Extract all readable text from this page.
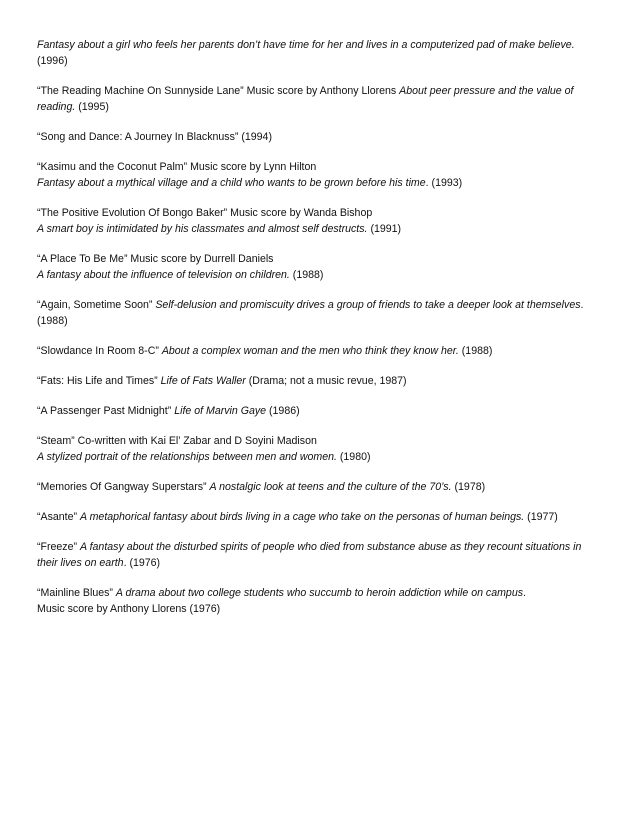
Fantasy about a girl who feels her parents don’t have time for her and lives in a computerized pad of make believe. (1996)
“The Reading Machine On Sunnyside Lane” Music score by Anthony Llorens About peer pressure and the value of reading. (1995)
“Song and Dance: A Journey In Blacknuss” (1994)
“Kasimu and the Coconut Palm” Music score by Lynn Hilton
Fantasy about a mythical village and a child who wants to be grown before his time. (1993)
“The Positive Evolution Of Bongo Baker” Music score by Wanda Bishop
A smart boy is intimidated by his classmates and almost self destructs. (1991)
“A Place To Be Me” Music score by Durrell Daniels
A fantasy about the influence of television on children. (1988)
“Again, Sometime Soon” Self-delusion and promiscuity drives a group of friends to take a deeper look at themselves. (1988)
“Slowdance In Room 8-C” About a complex woman and the men who think they know her. (1988)
“Fats: His Life and Times” Life of Fats Waller (Drama; not a music revue, 1987)
“A Passenger Past Midnight” Life of Marvin Gaye (1986)
“Steam” Co-written with Kai El’ Zabar and D Soyini Madison
A stylized portrait of the relationships between men and women. (1980)
“Memories Of Gangway Superstars” A nostalgic look at teens and the culture of the 70’s. (1978)
“Asante” A metaphorical fantasy about birds living in a cage who take on the personas of human beings. (1977)
“Freeze” A fantasy about the disturbed spirits of people who died from substance abuse as they recount situations in their lives on earth. (1976)
“Mainline Blues” A drama about two college students who succumb to heroin addiction while on campus.
Music score by Anthony Llorens (1976)
